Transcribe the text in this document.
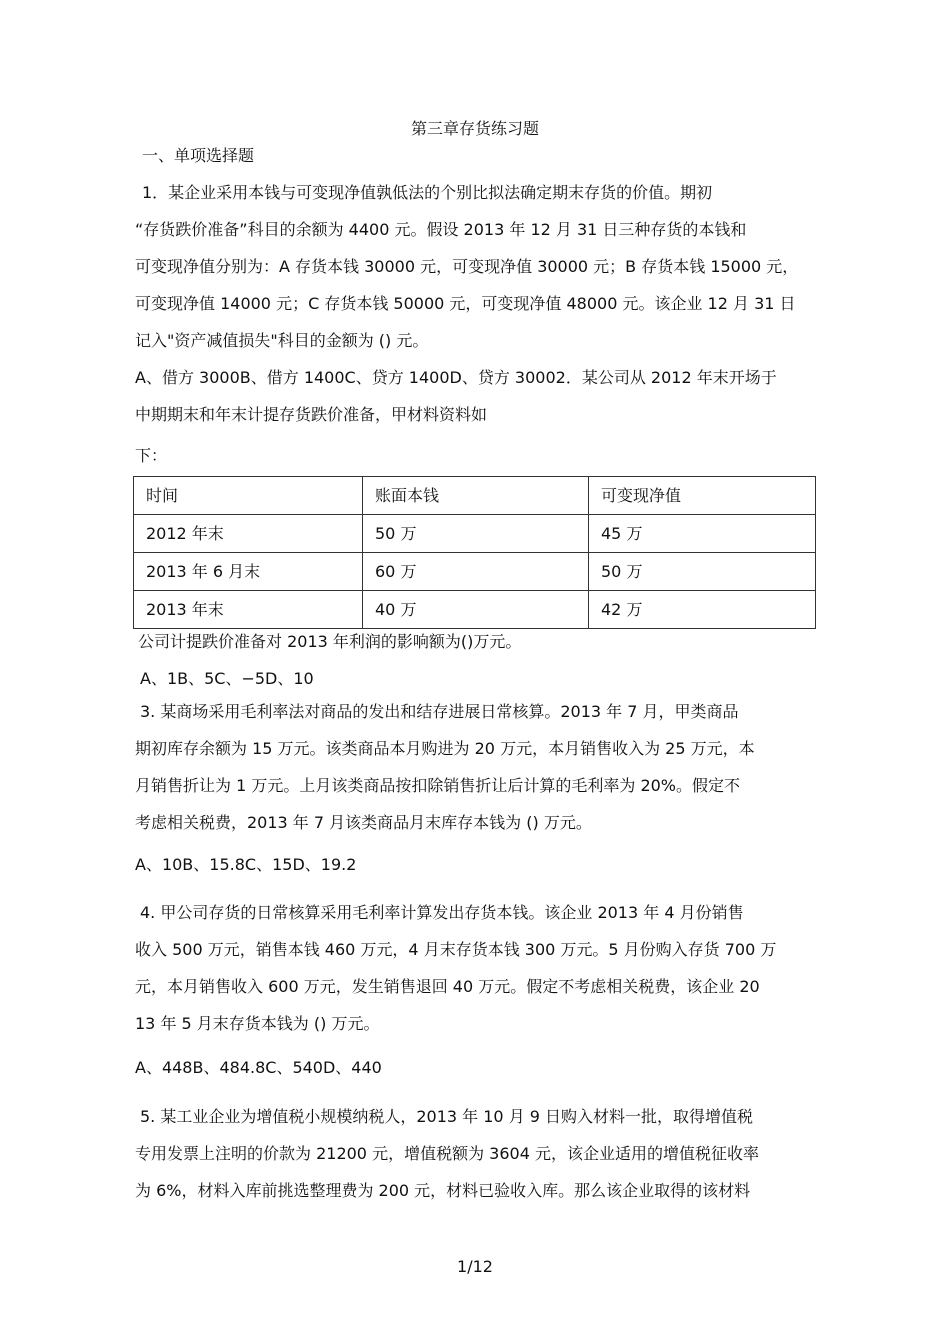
第三章存货练习题
一、单项选择题
1．某企业采用本钱与可变现净值孰低法的个别比拟法确定期末存货的价值。期初
“存货跌价准备”科目的余额为 4400 元。假设 2013 年 12 月 31 日三种存货的本钱和
可变现净值分别为：A 存货本钱 30000 元，可变现净值 30000 元；B 存货本钱 15000 元，
可变现净值 14000 元；C 存货本钱 50000 元，可变现净值 48000 元。该企业 12 月 31 日
记入"资产减值损失"科目的金额为 () 元。
A、借方 3000B、借方 1400C、贷方 1400D、贷方 30002．某公司从 2012 年末开场于
中期期末和年末计提存货跌价准备，甲材料资料如
下：
时间	账面本钱	可变现净值
2012 年末	50 万	45 万
2013 年 6 月末	60 万	50 万
2013 年末	40 万	42 万
公司计提跌价准备对 2013 年利润的影响额为()万元。
A、1B、5C、−5D、10
3. 某商场采用毛利率法对商品的发出和结存进展日常核算。2013 年 7 月，甲类商品
期初库存余额为 15 万元。该类商品本月购进为 20 万元，本月销售收入为 25 万元，本
月销售折让为 1 万元。上月该类商品按扣除销售折让后计算的毛利率为 20%。假定不
考虑相关税费，2013 年 7 月该类商品月末库存本钱为 () 万元。
A、10B、15.8C、15D、19.2
4. 甲公司存货的日常核算采用毛利率计算发出存货本钱。该企业 2013 年 4 月份销售
收入 500 万元，销售本钱 460 万元，4 月末存货本钱 300 万元。5 月份购入存货 700 万
元，本月销售收入 600 万元，发生销售退回 40 万元。假定不考虑相关税费，该企业 20
13 年 5 月末存货本钱为 () 万元。
A、448B、484.8C、540D、440
5. 某工业企业为增值税小规模纳税人，2013 年 10 月 9 日购入材料一批，取得增值税
专用发票上注明的价款为 21200 元，增值税额为 3604 元，该企业适用的增值税征收率
为 6%，材料入库前挑选整理费为 200 元，材料已验收入库。那么该企业取得的该材料
1/12
